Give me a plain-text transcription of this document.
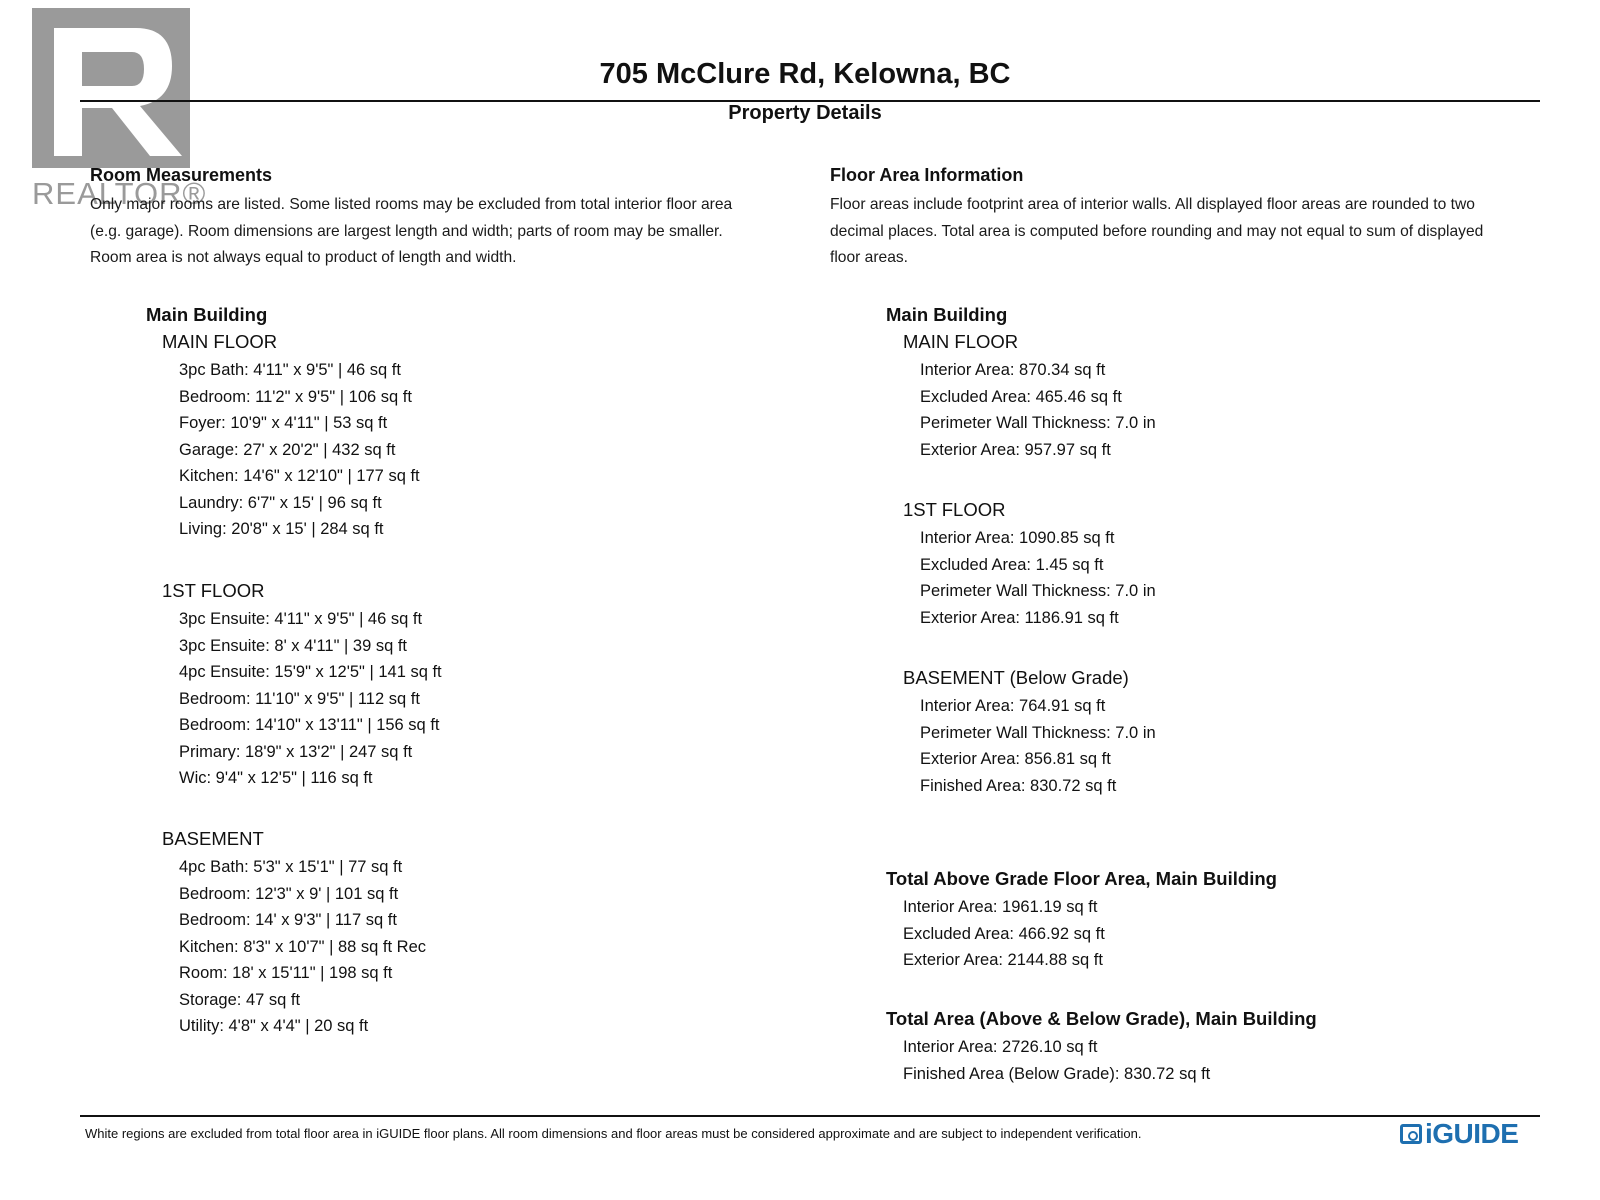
REALTOR®
705 McClure Rd, Kelowna, BC
Property Details
Room Measurements
Only major rooms are listed. Some listed rooms may be excluded from total interior floor area
(e.g. garage). Room dimensions are largest length and width; parts of room may be smaller.
Room area is not always equal to product of length and width.
Main Building
MAIN FLOOR
3pc Bath: 4'11" x 9'5" | 46 sq ft
Bedroom: 11'2" x 9'5" | 106 sq ft
Foyer: 10'9" x 4'11" | 53 sq ft
Garage: 27' x 20'2" | 432 sq ft
Kitchen: 14'6" x 12'10" | 177 sq ft
Laundry: 6'7" x 15' | 96 sq ft
Living: 20'8" x 15' | 284 sq ft
1ST FLOOR
3pc Ensuite: 4'11" x 9'5" | 46 sq ft
3pc Ensuite: 8' x 4'11" | 39 sq ft
4pc Ensuite: 15'9" x 12'5" | 141 sq ft
Bedroom: 11'10" x 9'5" | 112 sq ft
Bedroom: 14'10" x 13'11" | 156 sq ft
Primary: 18'9" x 13'2" | 247 sq ft
Wic: 9'4" x 12'5" | 116 sq ft
BASEMENT
4pc Bath: 5'3" x 15'1" | 77 sq ft
Bedroom: 12'3" x 9' | 101 sq ft
Bedroom: 14' x 9'3" | 117 sq ft
Kitchen: 8'3" x 10'7" | 88 sq ft Rec
Room: 18' x 15'11" | 198 sq ft
Storage: 47 sq ft
Utility: 4'8" x 4'4" | 20 sq ft
Floor Area Information
Floor areas include footprint area of interior walls. All displayed floor areas are rounded to two
decimal places. Total area is computed before rounding and may not equal to sum of displayed
floor areas.
Main Building
MAIN FLOOR
Interior Area: 870.34 sq ft
Excluded Area: 465.46 sq ft
Perimeter Wall Thickness: 7.0 in
Exterior Area: 957.97 sq ft
1ST FLOOR
Interior Area: 1090.85 sq ft
Excluded Area: 1.45 sq ft
Perimeter Wall Thickness: 7.0 in
Exterior Area: 1186.91 sq ft
BASEMENT (Below Grade)
Interior Area: 764.91 sq ft
Perimeter Wall Thickness: 7.0 in
Exterior Area: 856.81 sq ft
Finished Area: 830.72 sq ft
Total Above Grade Floor Area, Main Building
Interior Area: 1961.19 sq ft
Excluded Area: 466.92 sq ft
Exterior Area: 2144.88 sq ft
Total Area (Above & Below Grade), Main Building
Interior Area: 2726.10 sq ft
Finished Area (Below Grade): 830.72 sq ft
White regions are excluded from total floor area in iGUIDE floor plans. All room dimensions and floor areas must be considered approximate and are subject to independent verification.	iGUIDE
